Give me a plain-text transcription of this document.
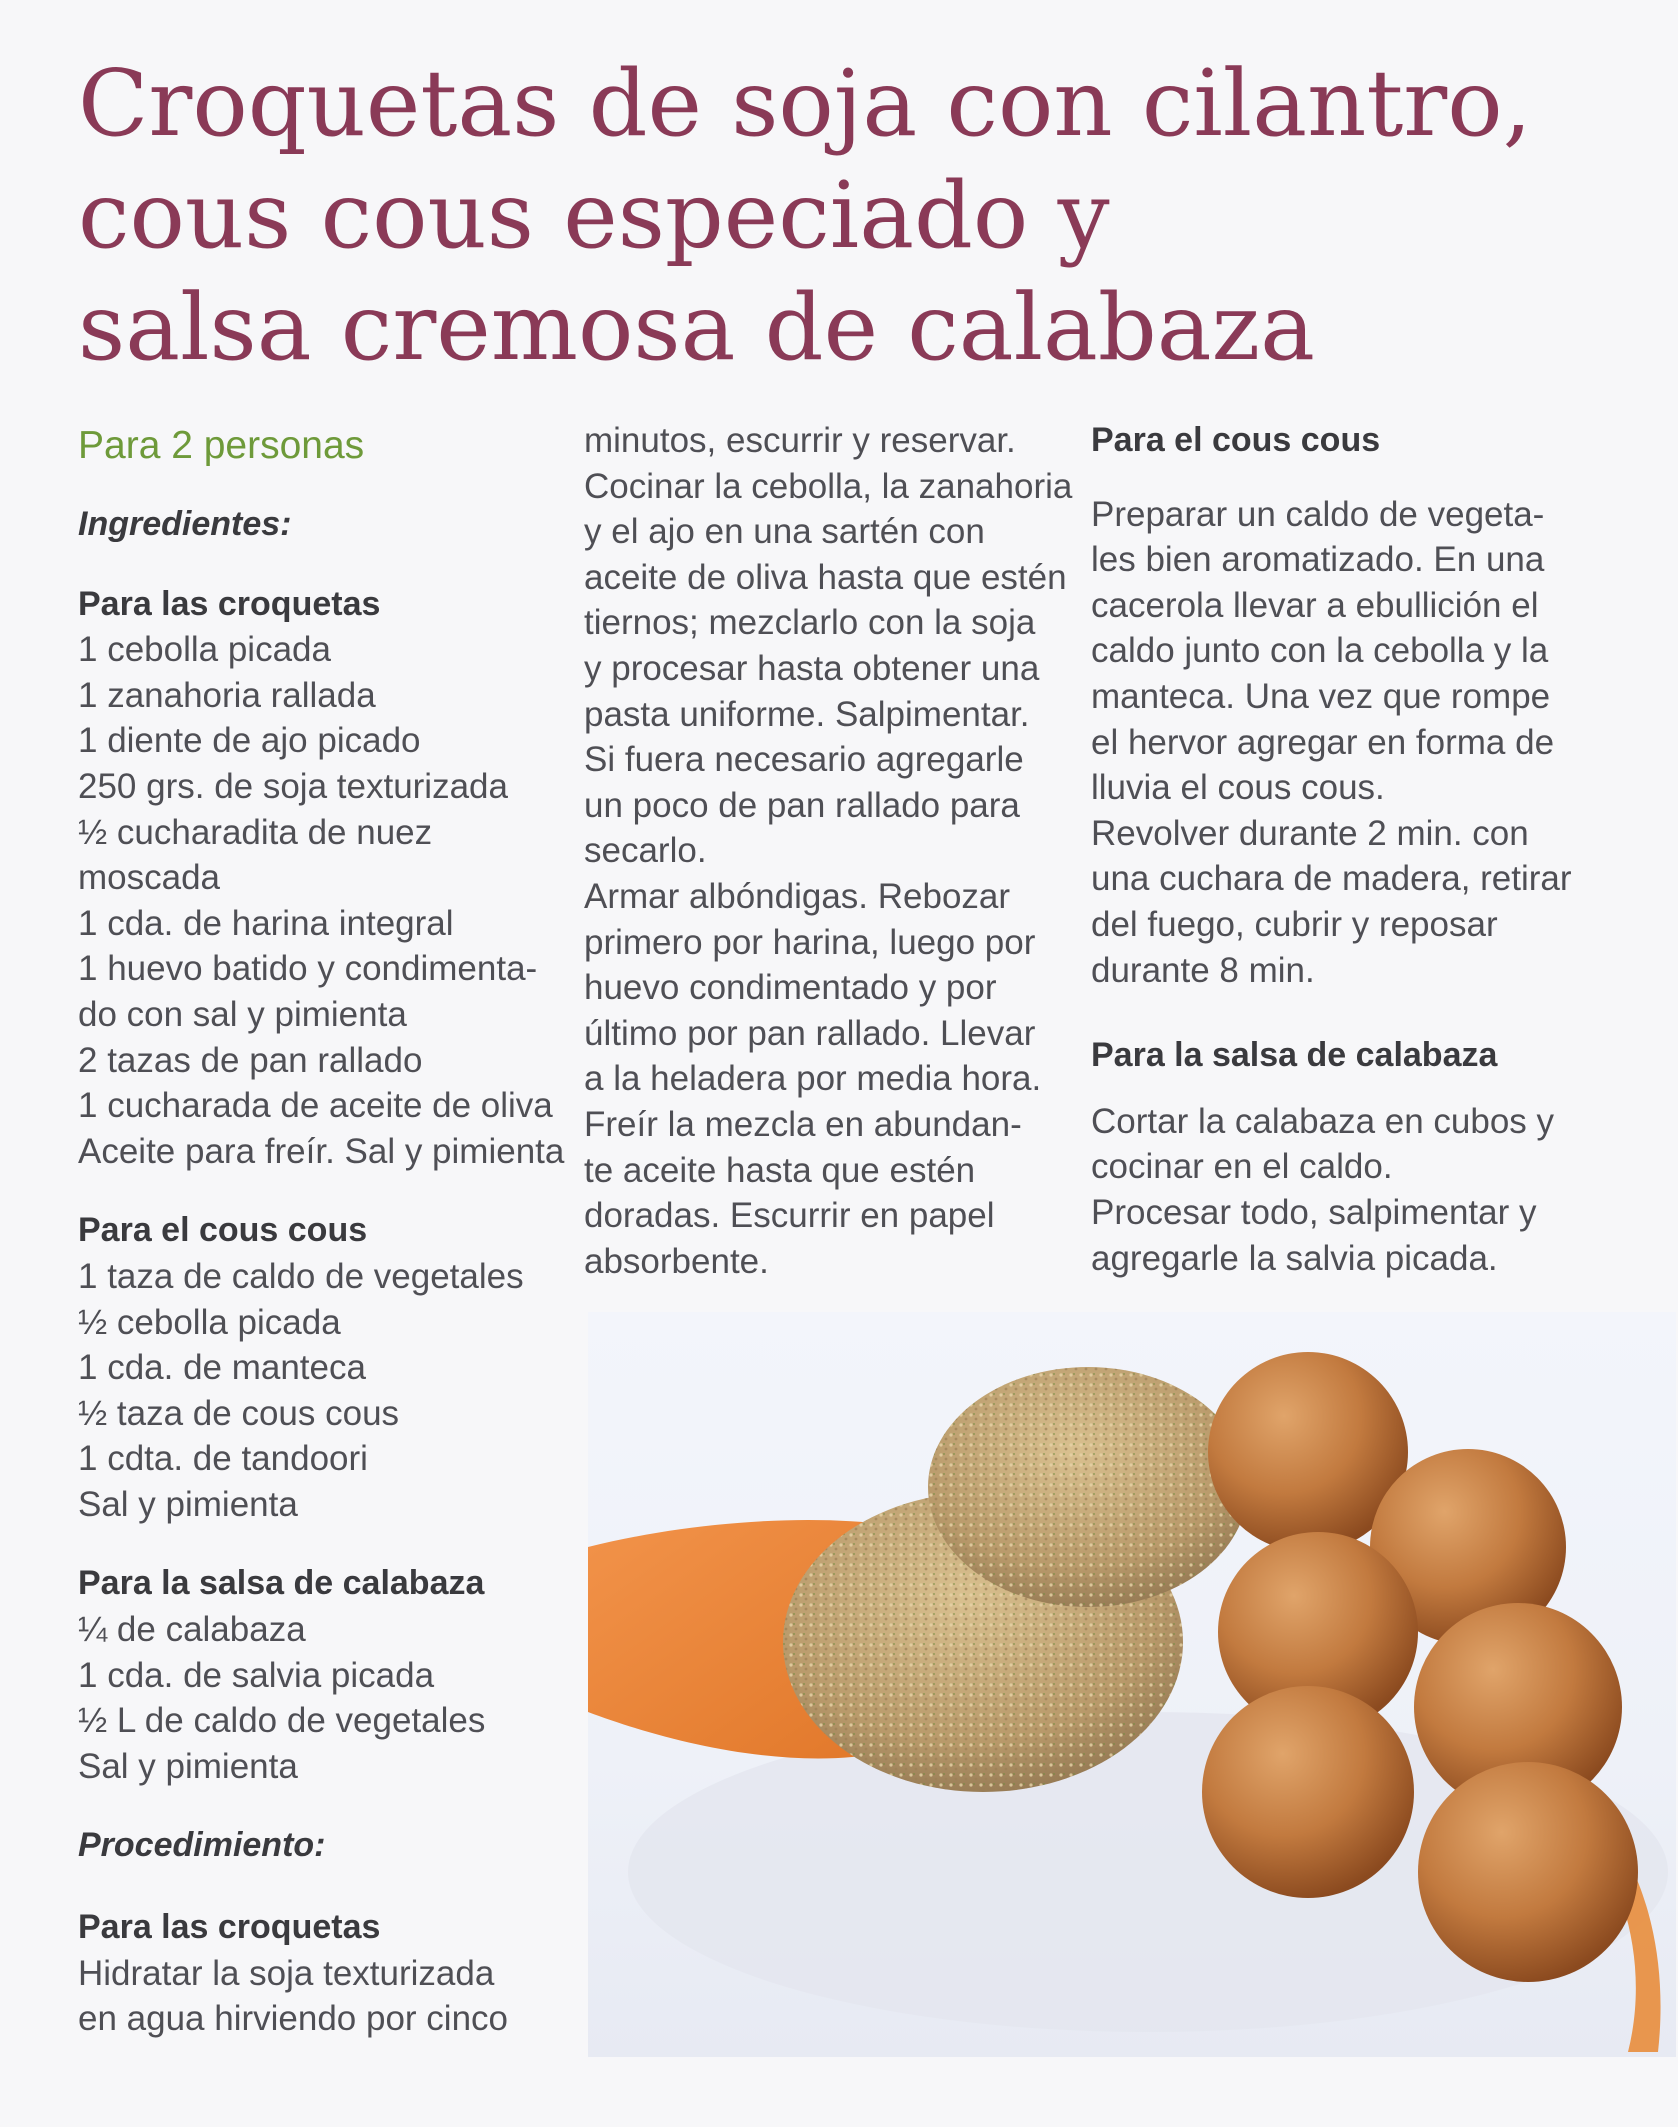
Croquetas de soja con cilantro,
cous cous especiado y
salsa cremosa de calabaza
Para 2 personas
Ingredientes:
Para las croquetas
1 cebolla picada
1 zanahoria rallada
1 diente de ajo picado
250 grs. de soja texturizada
½ cucharadita de nuez
moscada
1 cda. de harina integral
1 huevo batido y condimenta-
do con sal y pimienta
2 tazas de pan rallado
1 cucharada de aceite de oliva
Aceite para freír. Sal y pimienta
Para el cous cous
1 taza de caldo de vegetales
½ cebolla picada
1 cda. de manteca
½ taza de cous cous
1 cdta. de tandoori
Sal y pimienta
Para la salsa de calabaza
¼ de calabaza
1 cda. de salvia picada
½ L de caldo de vegetales
Sal y pimienta
Procedimiento:
Para las croquetas
Hidratar la soja texturizada
en agua hirviendo por cinco
minutos, escurrir y reservar.
Cocinar la cebolla, la zanahoria
y el ajo en una sartén con
aceite de oliva hasta que estén
tiernos; mezclarlo con la soja
y procesar hasta obtener una
pasta uniforme. Salpimentar.
Si fuera necesario agregarle
un poco de pan rallado para
secarlo.
Armar albóndigas. Rebozar
primero por harina, luego por
huevo condimentado y por
último por pan rallado. Llevar
a la heladera por media hora.
Freír la mezcla en abundan-
te aceite hasta que estén
doradas. Escurrir en papel
absorbente.
Para el cous cous
Preparar un caldo de vegeta-
les bien aromatizado. En una
cacerola llevar a ebullición el
caldo junto con la cebolla y la
manteca. Una vez que rompe
el hervor agregar en forma de
lluvia el cous cous.
Revolver durante 2 min. con
una cuchara de madera, retirar
del fuego, cubrir y reposar
durante 8 min.
Para la salsa de calabaza
Cortar la calabaza en cubos y
cocinar en el caldo.
Procesar todo, salpimentar y
agregarle la salvia picada.
